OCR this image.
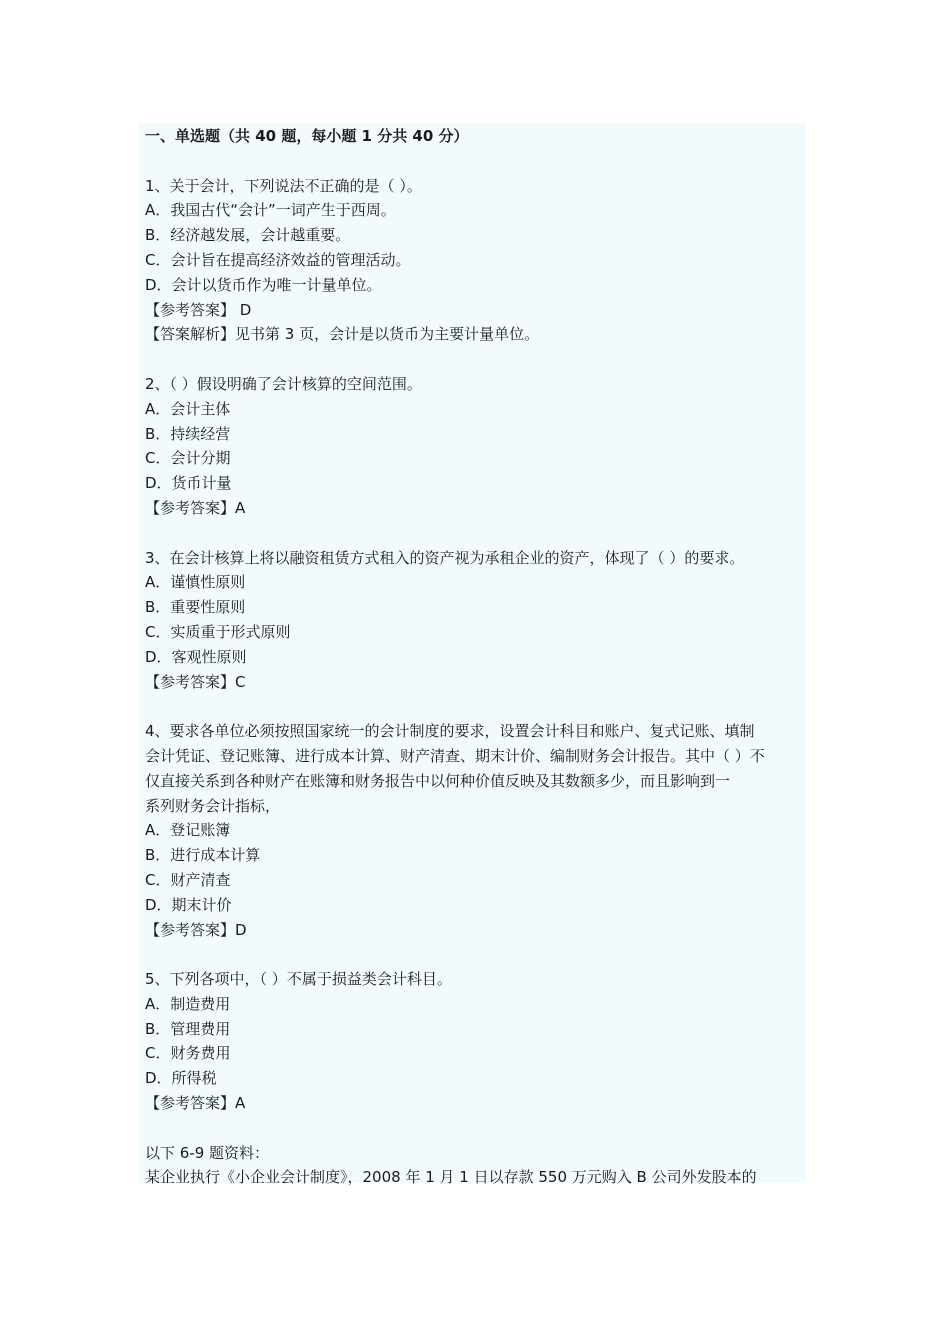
一、单选题（共 40 题，每小题 1 分共 40 分）
1、关于会计，下列说法不正确的是（ ）。
A．我国古代“会计”一词产生于西周。
B．经济越发展，会计越重要。
C．会计旨在提高经济效益的管理活动。
D．会计以货币作为唯一计量单位。
【参考答案】 D
【答案解析】见书第 3 页，会计是以货币为主要计量单位。
2、（ ）假设明确了会计核算的空间范围。
A．会计主体
B．持续经营
C．会计分期
D．货币计量
【参考答案】A
3、在会计核算上将以融资租赁方式租入的资产视为承租企业的资产，体现了（ ）的要求。
A．谨慎性原则
B．重要性原则
C．实质重于形式原则
D．客观性原则
【参考答案】C
4、要求各单位必须按照国家统一的会计制度的要求，设置会计科目和账户、复式记账、填制
会计凭证、登记账簿、进行成本计算、财产清查、期末计价、编制财务会计报告。其中（ ）不
仅直接关系到各种财产在账簿和财务报告中以何种价值反映及其数额多少，而且影响到一
系列财务会计指标，
A．登记账簿
B．进行成本计算
C．财产清查
D．期末计价
【参考答案】D
5、下列各项中，（ ）不属于损益类会计科目。
A．制造费用
B．管理费用
C．财务费用
D．所得税
【参考答案】A
以下 6-9 题资料：
某企业执行《小企业会计制度》，2008 年 1 月 1 日以存款 550 万元购入 B 公司外发股本的
